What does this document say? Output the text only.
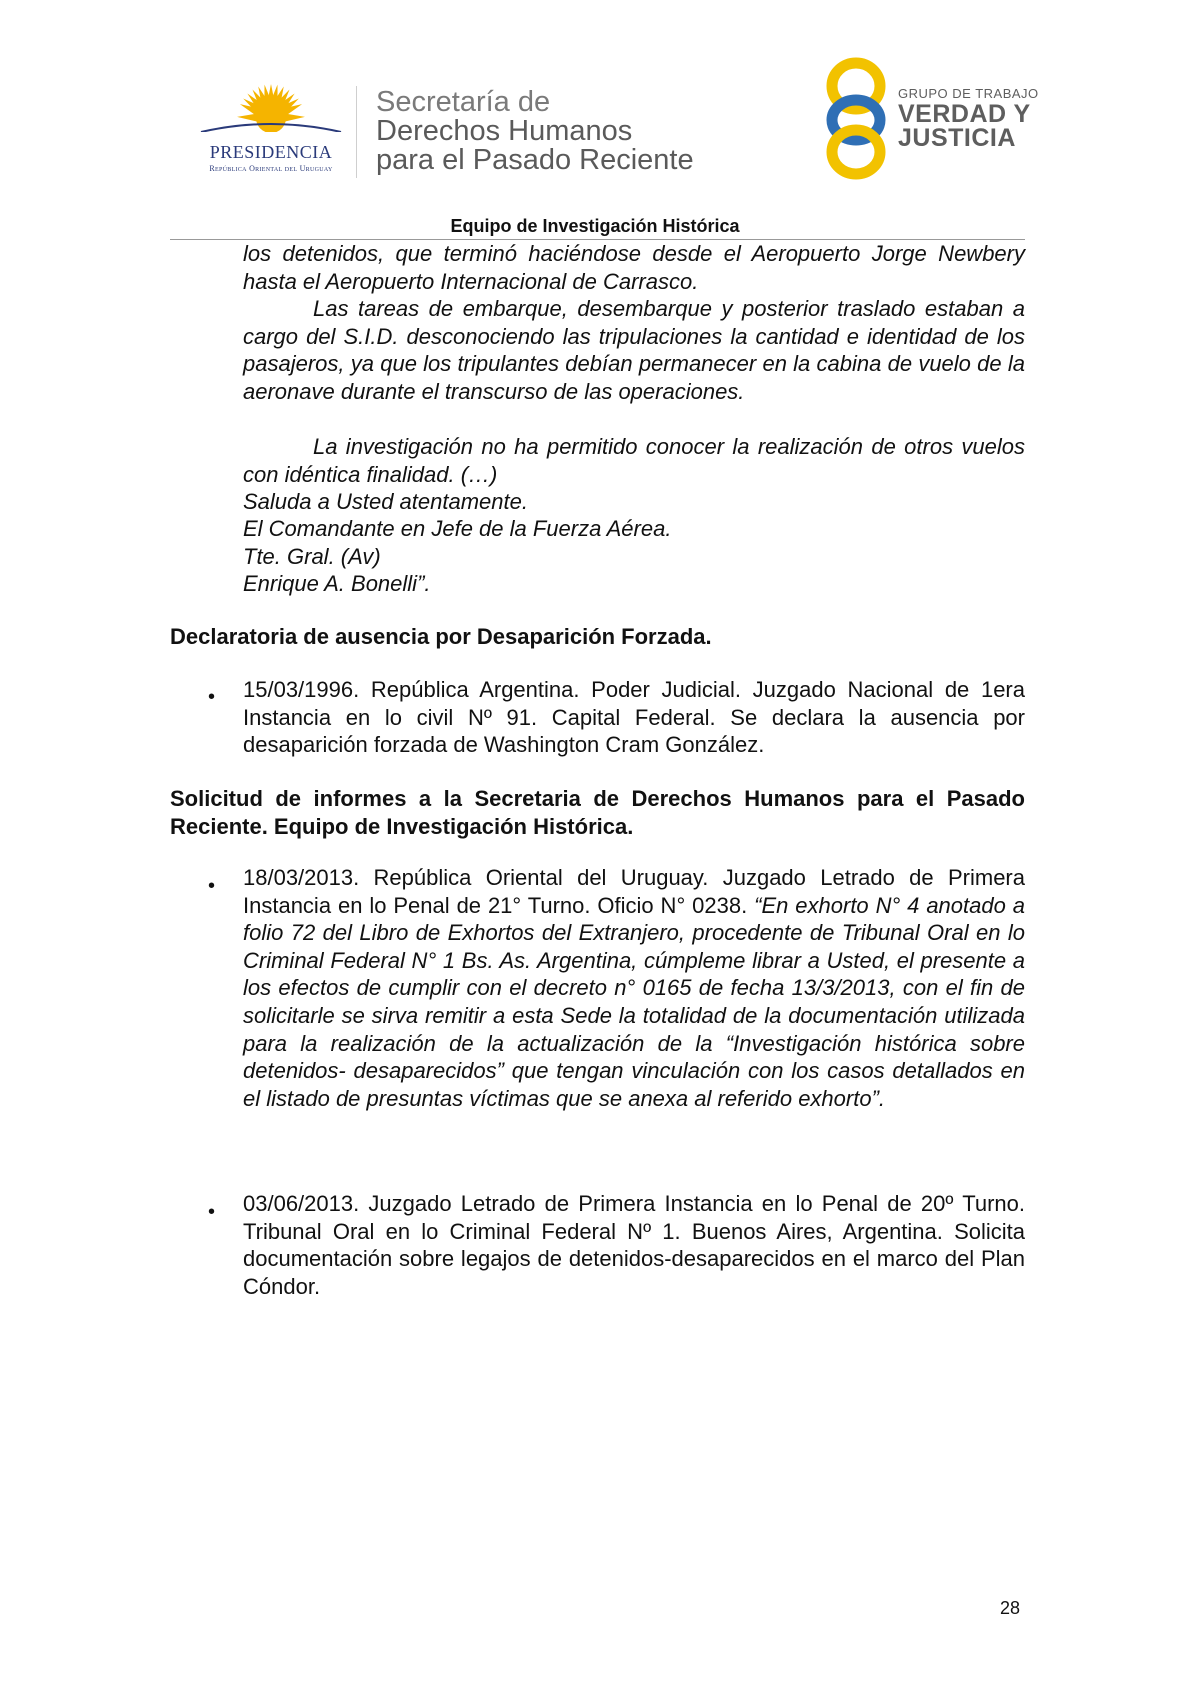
PRESIDENCIA
República Oriental del Uruguay
Secretaría de
Derechos Humanos
para el Pasado Reciente
GRUPO DE TRABAJO
VERDAD Y
JUSTICIA
Equipo de Investigación Histórica
los detenidos, que terminó haciéndose desde el Aeropuerto Jorge Newbery hasta el Aeropuerto Internacional de Carrasco.
Las tareas de embarque, desembarque y posterior traslado estaban a cargo del S.I.D. desconociendo las tripulaciones la cantidad e identidad de los pasajeros, ya que los tripulantes debían permanecer en la cabina de vuelo de la aeronave durante el transcurso de las operaciones.
La investigación no ha permitido conocer la realización de otros vuelos con idéntica finalidad. (…)
Saluda a Usted atentamente.
El Comandante en Jefe de la Fuerza Aérea.
Tte. Gral. (Av)
Enrique A. Bonelli”.
Declaratoria de ausencia por Desaparición Forzada.
• 15/03/1996. República Argentina. Poder Judicial. Juzgado Nacional de 1era Instancia en lo civil Nº 91. Capital Federal. Se declara la ausencia por desaparición forzada de Washington Cram González.
Solicitud de informes a la Secretaria de Derechos Humanos para el Pasado Reciente. Equipo de Investigación Histórica.
• 18/03/2013. República Oriental del Uruguay. Juzgado Letrado de Primera Instancia en lo Penal de 21° Turno. Oficio N° 0238. “En exhorto N° 4 anotado a folio 72 del Libro de Exhortos del Extranjero, procedente de Tribunal Oral en lo Criminal Federal N° 1 Bs. As. Argentina, cúmpleme librar a Usted, el presente a los efectos de cumplir con el decreto n° 0165 de fecha 13/3/2013, con el fin de solicitarle se sirva remitir a esta Sede la totalidad de la documentación utilizada para la realización de la actualización de la “Investigación histórica sobre detenidos- desaparecidos” que tengan vinculación con los casos detallados en el listado de presuntas víctimas que se anexa al referido exhorto”.
• 03/06/2013. Juzgado Letrado de Primera Instancia en lo Penal de 20º Turno. Tribunal Oral en lo Criminal Federal Nº 1. Buenos Aires, Argentina. Solicita documentación sobre legajos de detenidos-desaparecidos en el marco del Plan Cóndor.
28
